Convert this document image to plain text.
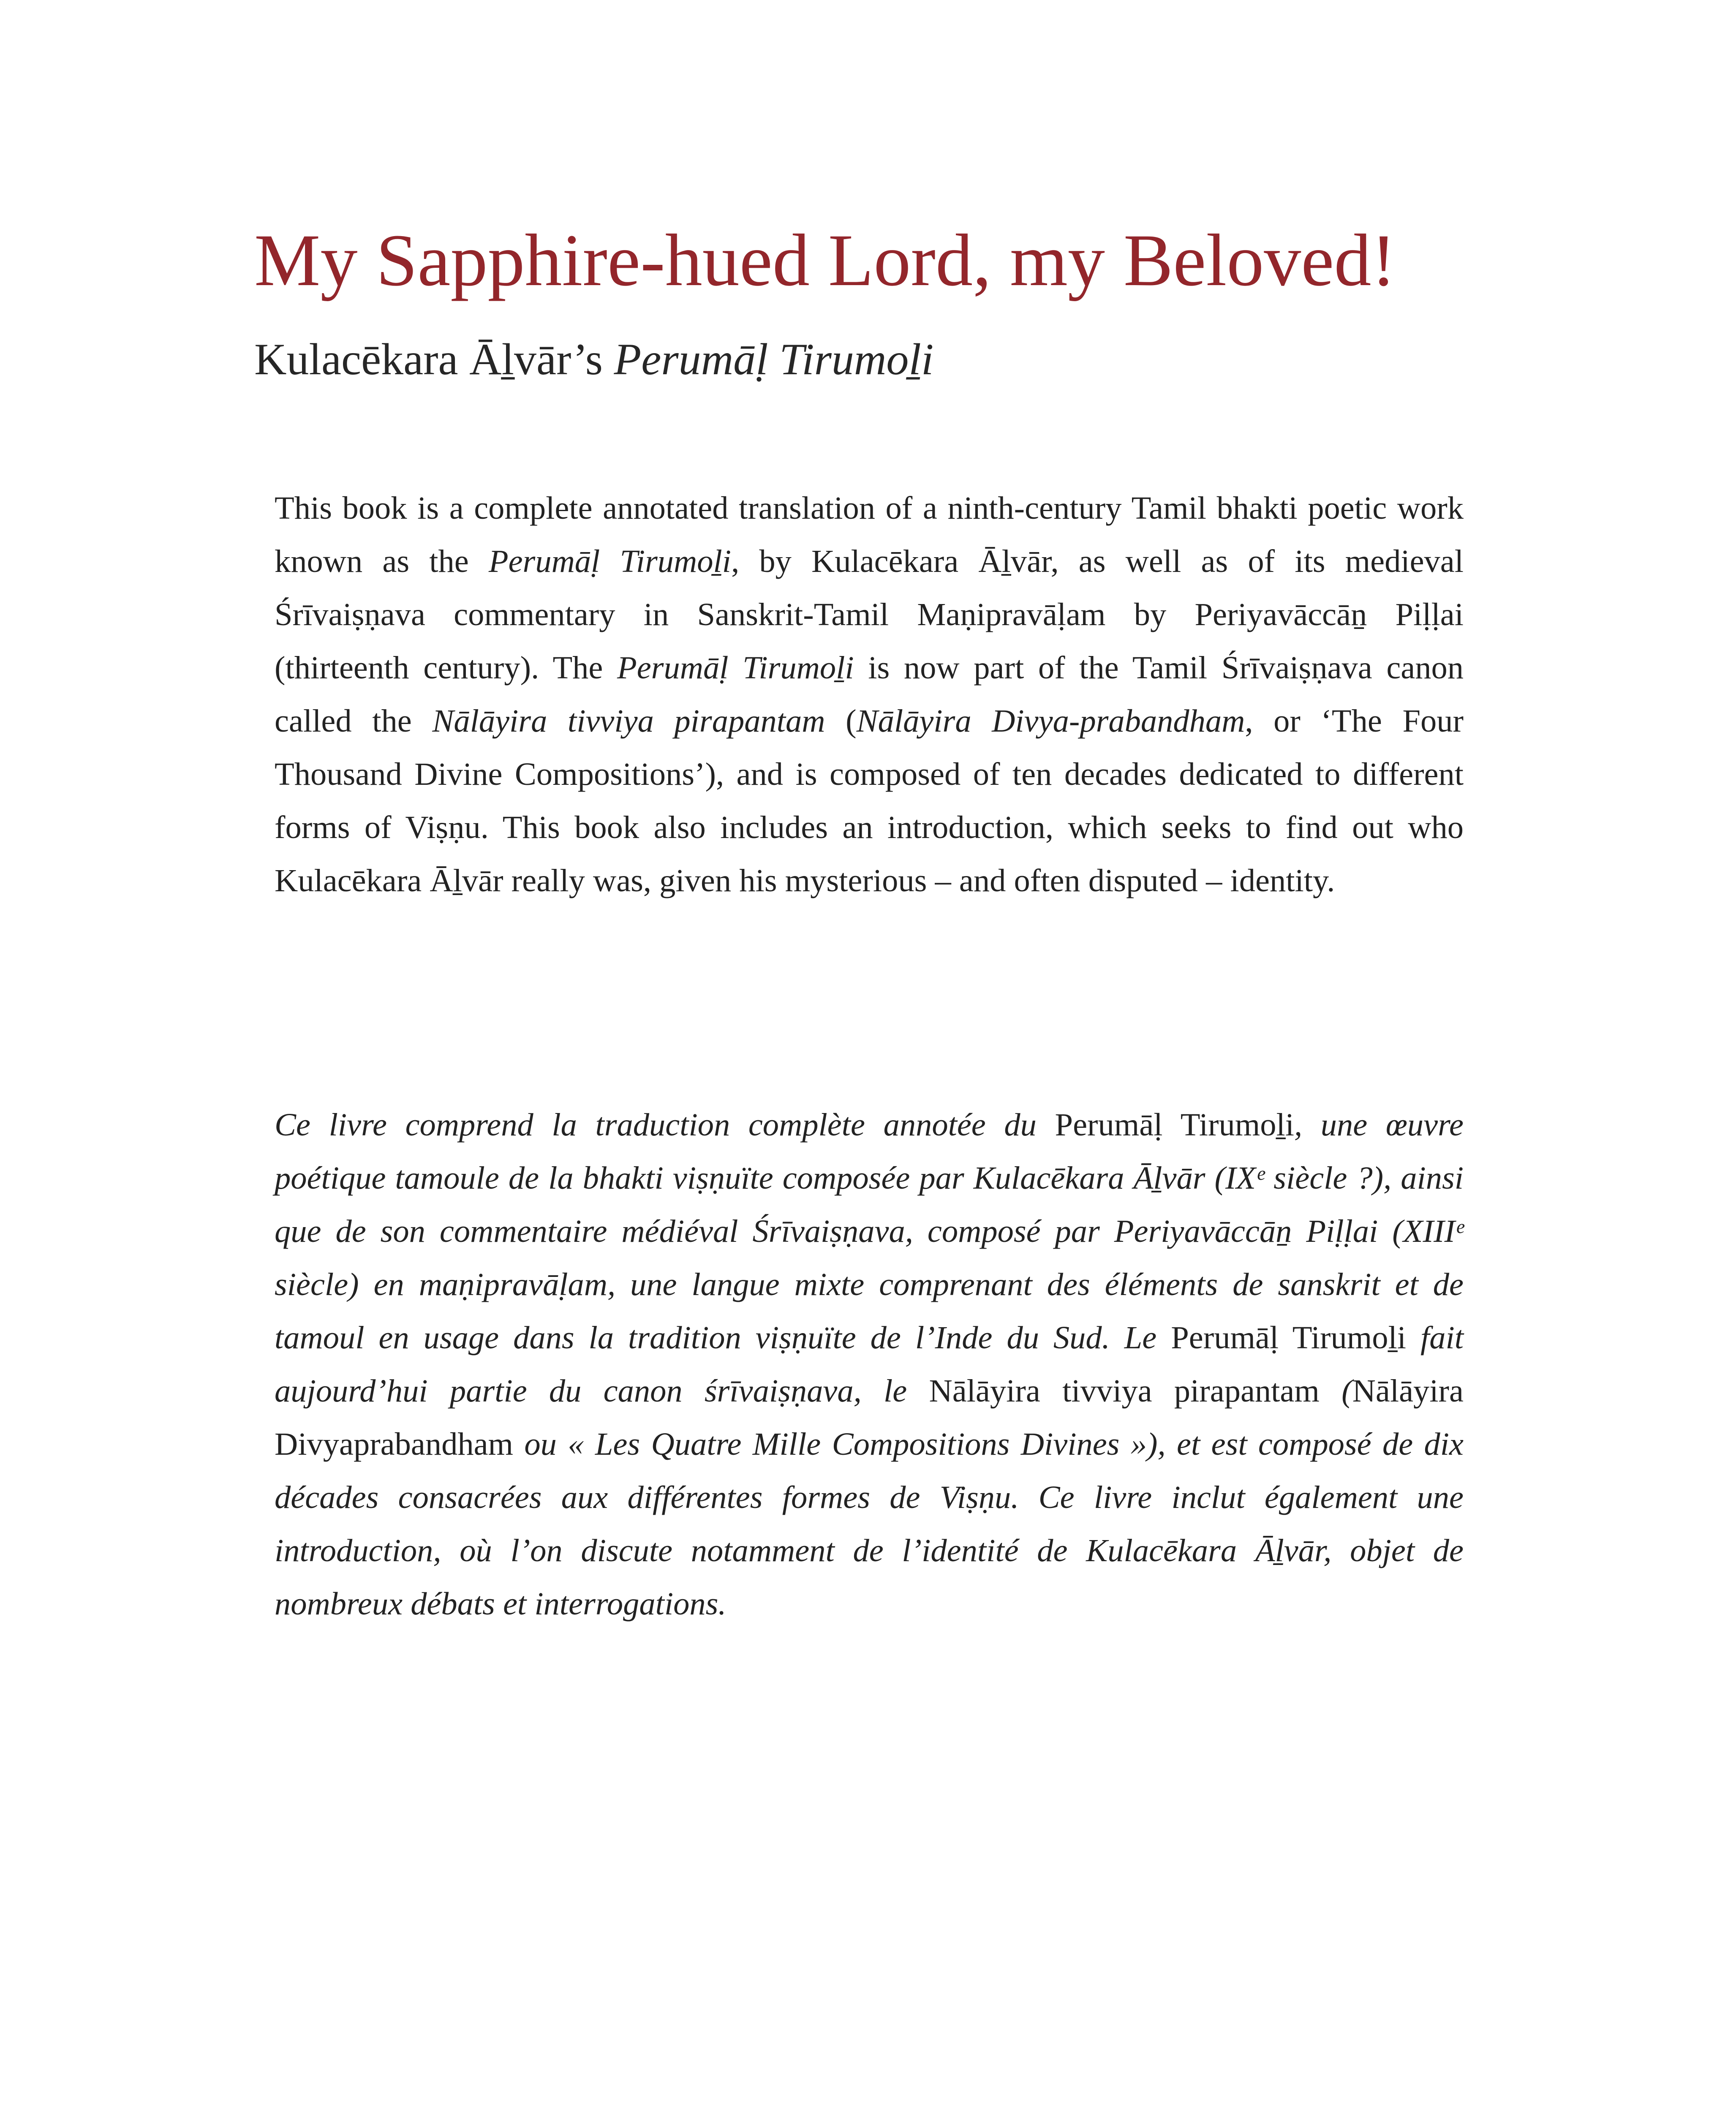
My Sapphire-hued Lord, my Beloved!
Kulacēkara Āḻvār’s Perumāḷ Tirumoḻi

This book is a complete annotated translation of a ninth-century Tamil bhakti poetic work known as the Perumāḷ Tirumoḻi, by Kulacēkara Āḻvār, as well as of its medieval Śrīvaiṣṇava commentary in Sanskrit-Tamil Maṇipravāḷam by Periyavāccāṉ Piḷḷai (thirteenth century). The Perumāḷ Tirumoḻi is now part of the Tamil Śrīvaiṣṇava canon called the Nālāyira tivviya pirapantam (Nālāyira Divya-prabandham, or ‘The Four Thousand Divine Compositions’), and is composed of ten decades dedicated to different forms of Viṣṇu. This book also includes an introduction, which seeks to find out who Kulacēkara Āḻvār really was, given his mysterious – and often disputed – identity.

Ce livre comprend la traduction complète annotée du Perumāḷ Tirumoḻi, une œuvre poétique tamoule de la bhakti viṣṇuïte composée par Kulacēkara Āḻvār (IXᵉ siècle ?), ainsi que de son commentaire médiéval Śrīvaiṣṇava, composé par Periyavāccāṉ Piḷḷai (XIIIᵉ siècle) en maṇipravāḷam, une langue mixte comprenant des éléments de sanskrit et de tamoul en usage dans la tradition viṣṇuïte de l’Inde du Sud. Le Perumāḷ Tirumoḻi fait aujourd’hui partie du canon śrīvaiṣṇava, le Nālāyira tivviya pirapantam (Nālāyira Divyaprabandham ou « Les Quatre Mille Compositions Divines »), et est composé de dix décades consacrées aux différentes formes de Viṣṇu. Ce livre inclut également une introduction, où l’on discute notamment de l’identité de Kulacēkara Āḻvār, objet de nombreux débats et interrogations.
